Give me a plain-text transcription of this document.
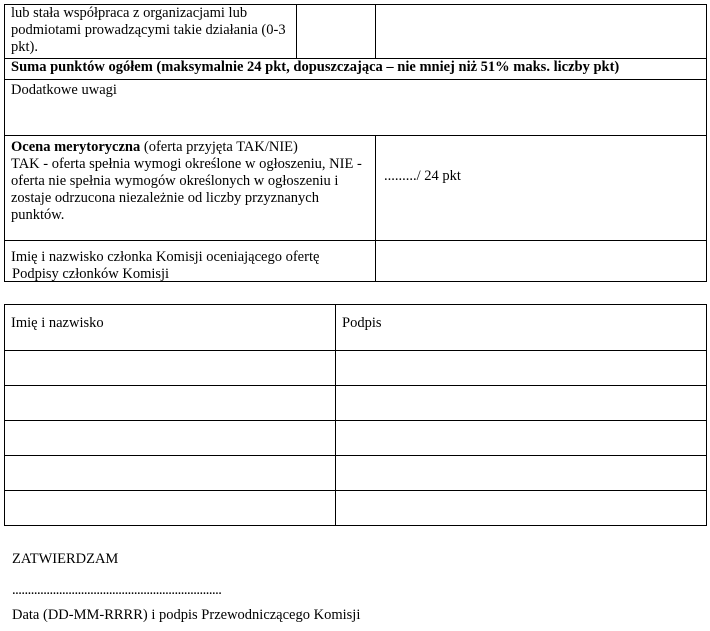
lub stała współpraca z organizacjami lub podmiotami prowadzącymi takie działania (0-3 pkt).		
Suma punktów ogółem (maksymalnie 24 pkt, dopuszczająca – nie mniej niż 51% maks. liczby pkt)		
Dodatkowe uwagi		
Ocena merytoryczna (oferta przyjęta TAK/NIE)
TAK - oferta spełnia wymogi określone w ogłoszeniu, NIE - oferta nie spełnia wymogów określonych w ogłoszeniu i zostaje odrzucona niezależnie od liczby przyznanych punktów.		........./ 24 pkt
Imię i nazwisko członka Komisji oceniającego ofertę		
Podpisy członków Komisji
Imię i nazwisko	Podpis

ZATWIERDZAM
...................................................................
Data (DD-MM-RRRR) i podpis Przewodniczącego Komisji
